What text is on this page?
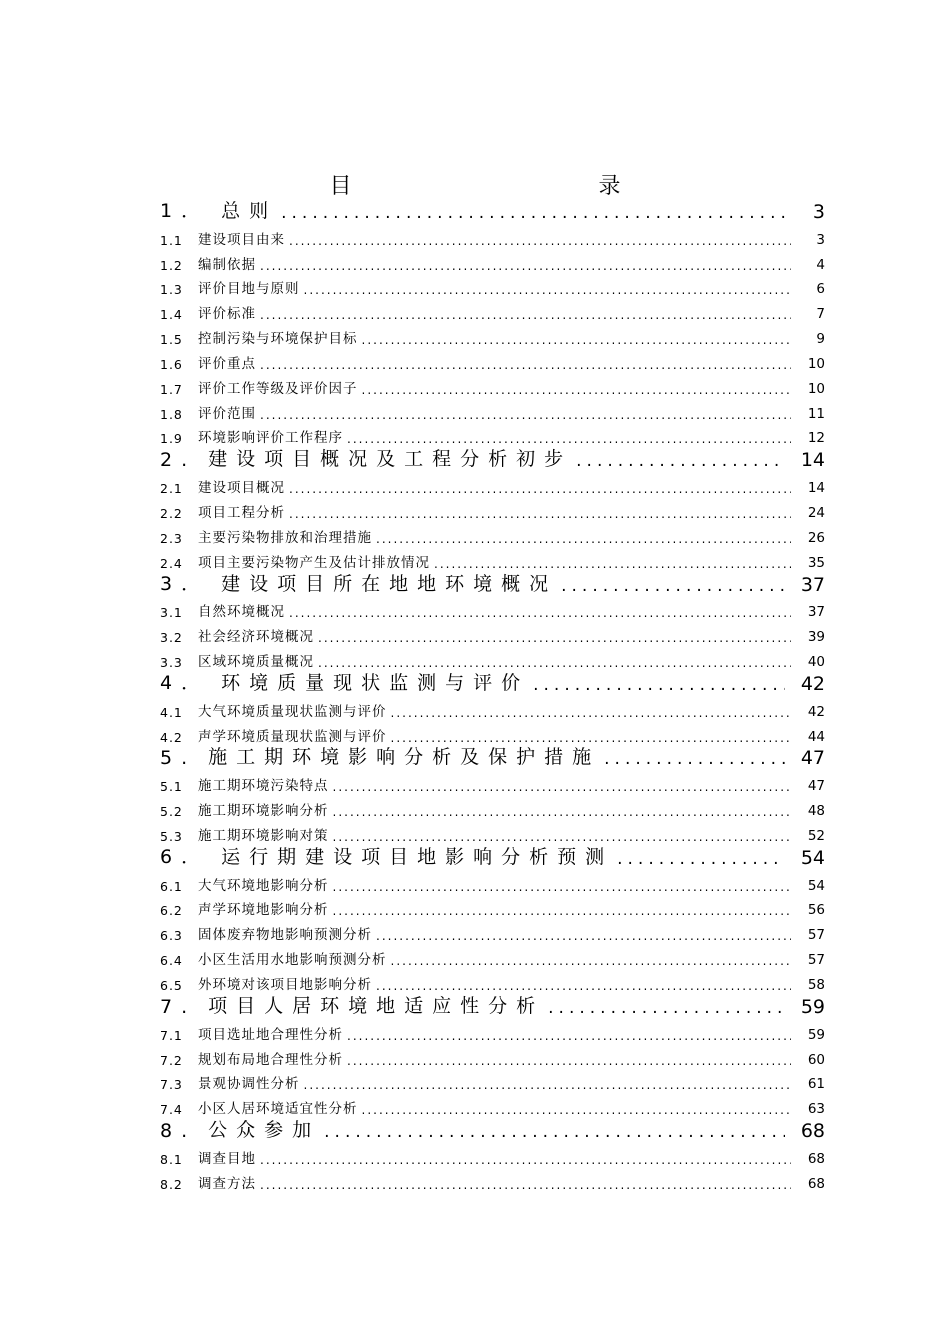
目 录
1． 总则 .....	3
1.1 建设项目由来 .....	3
1.2 编制依据 .....	4
1.3 评价目地与原则 .....	6
1.4 评价标准 .....	7
1.5 控制污染与环境保护目标 .....	9
1.6 评价重点 .....	10
1.7 评价工作等级及评价因子 .....	10
1.8 评价范围 .....	11
1.9 环境影响评价工作程序 .....	12
2. 建设项目概况及工程分析初步 .....	14
2.1 建设项目概况 .....	14
2.2 项目工程分析 .....	24
2.3 主要污染物排放和治理措施 .....	26
2.4 项目主要污染物产生及估计排放情况 .....	35
3． 建设项目所在地地环境概况 .....	37
3.1 自然环境概况 .....	37
3.2 社会经济环境概况 .....	39
3.3 区域环境质量概况 .....	40
4． 环境质量现状监测与评价 .....	42
4.1 大气环境质量现状监测与评价 .....	42
4.2 声学环境质量现状监测与评价 .....	44
5. 施工期环境影响分析及保护措施 .....	47
5.1 施工期环境污染特点 .....	47
5.2 施工期环境影响分析 .....	48
5.3 施工期环境影响对策 .....	52
6． 运行期建设项目地影响分析预测 .....	54
6.1 大气环境地影响分析 .....	54
6.2 声学环境地影响分析 .....	56
6.3 固体废弃物地影响预测分析 .....	57
6.4 小区生活用水地影响预测分析 .....	57
6.5 外环境对该项目地影响分析 .....	58
7. 项目人居环境地适应性分析 .....	59
7.1 项目选址地合理性分析 .....	59
7.2 规划布局地合理性分析 .....	60
7.3 景观协调性分析 .....	61
7.4 小区人居环境适宜性分析 .....	63
8. 公众参加 .....	68
8.1 调查目地 .....	68
8.2 调查方法 .....	68
